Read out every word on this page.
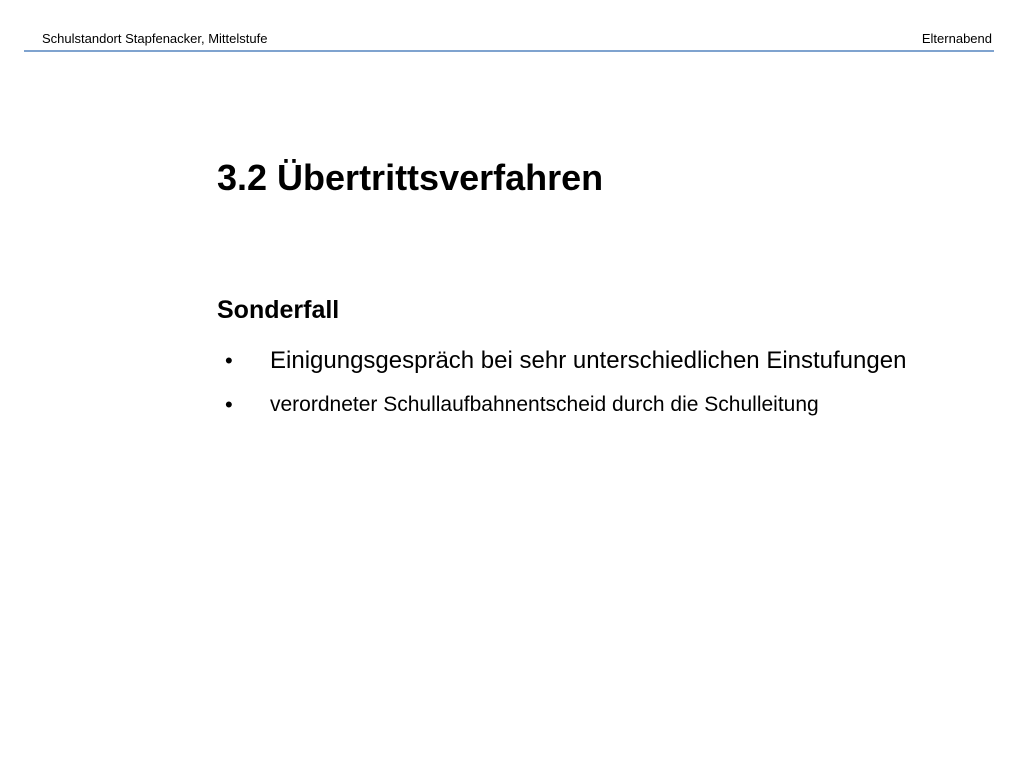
Schulstandort Stapfenacker, Mittelstufe	Elternabend
3.2 Übertrittsverfahren
Sonderfall
• Einigungsgespräch bei sehr unterschiedlichen Einstufungen
• verordneter Schullaufbahnentscheid durch die Schulleitung
